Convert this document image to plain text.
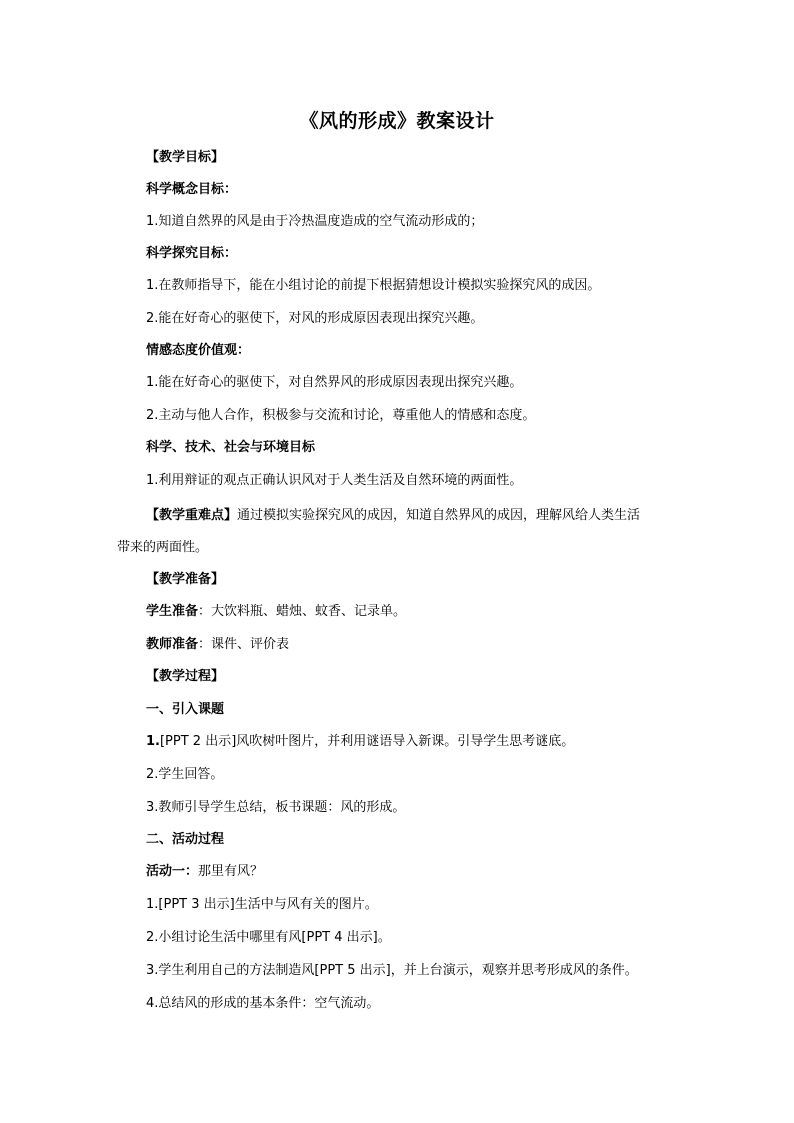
《风的形成》教案设计
【教学目标】
科学概念目标：
1.知道自然界的风是由于冷热温度造成的空气流动形成的；
科学探究目标：
1.在教师指导下，能在小组讨论的前提下根据猜想设计模拟实验探究风的成因。
2.能在好奇心的驱使下，对风的形成原因表现出探究兴趣。
情感态度价值观：
1.能在好奇心的驱使下，对自然界风的形成原因表现出探究兴趣。
2.主动与他人合作，积极参与交流和讨论，尊重他人的情感和态度。
科学、技术、社会与环境目标
1.利用辩证的观点正确认识风对于人类生活及自然环境的两面性。
【教学重难点】通过模拟实验探究风的成因，知道自然界风的成因，理解风给人类生活
带来的两面性。
【教学准备】
学生准备：大饮料瓶、蜡烛、蚊香、记录单。
教师准备：课件、评价表
【教学过程】
一、引入课题
1.[PPT 2 出示]风吹树叶图片，并利用谜语导入新课。引导学生思考谜底。
2.学生回答。
3.教师引导学生总结，板书课题：风的形成。
二、活动过程
活动一：那里有风？
1.[PPT 3 出示]生活中与风有关的图片。
2.小组讨论生活中哪里有风[PPT 4 出示]。
3.学生利用自己的方法制造风[PPT 5 出示]，并上台演示，观察并思考形成风的条件。
4.总结风的形成的基本条件：空气流动。
